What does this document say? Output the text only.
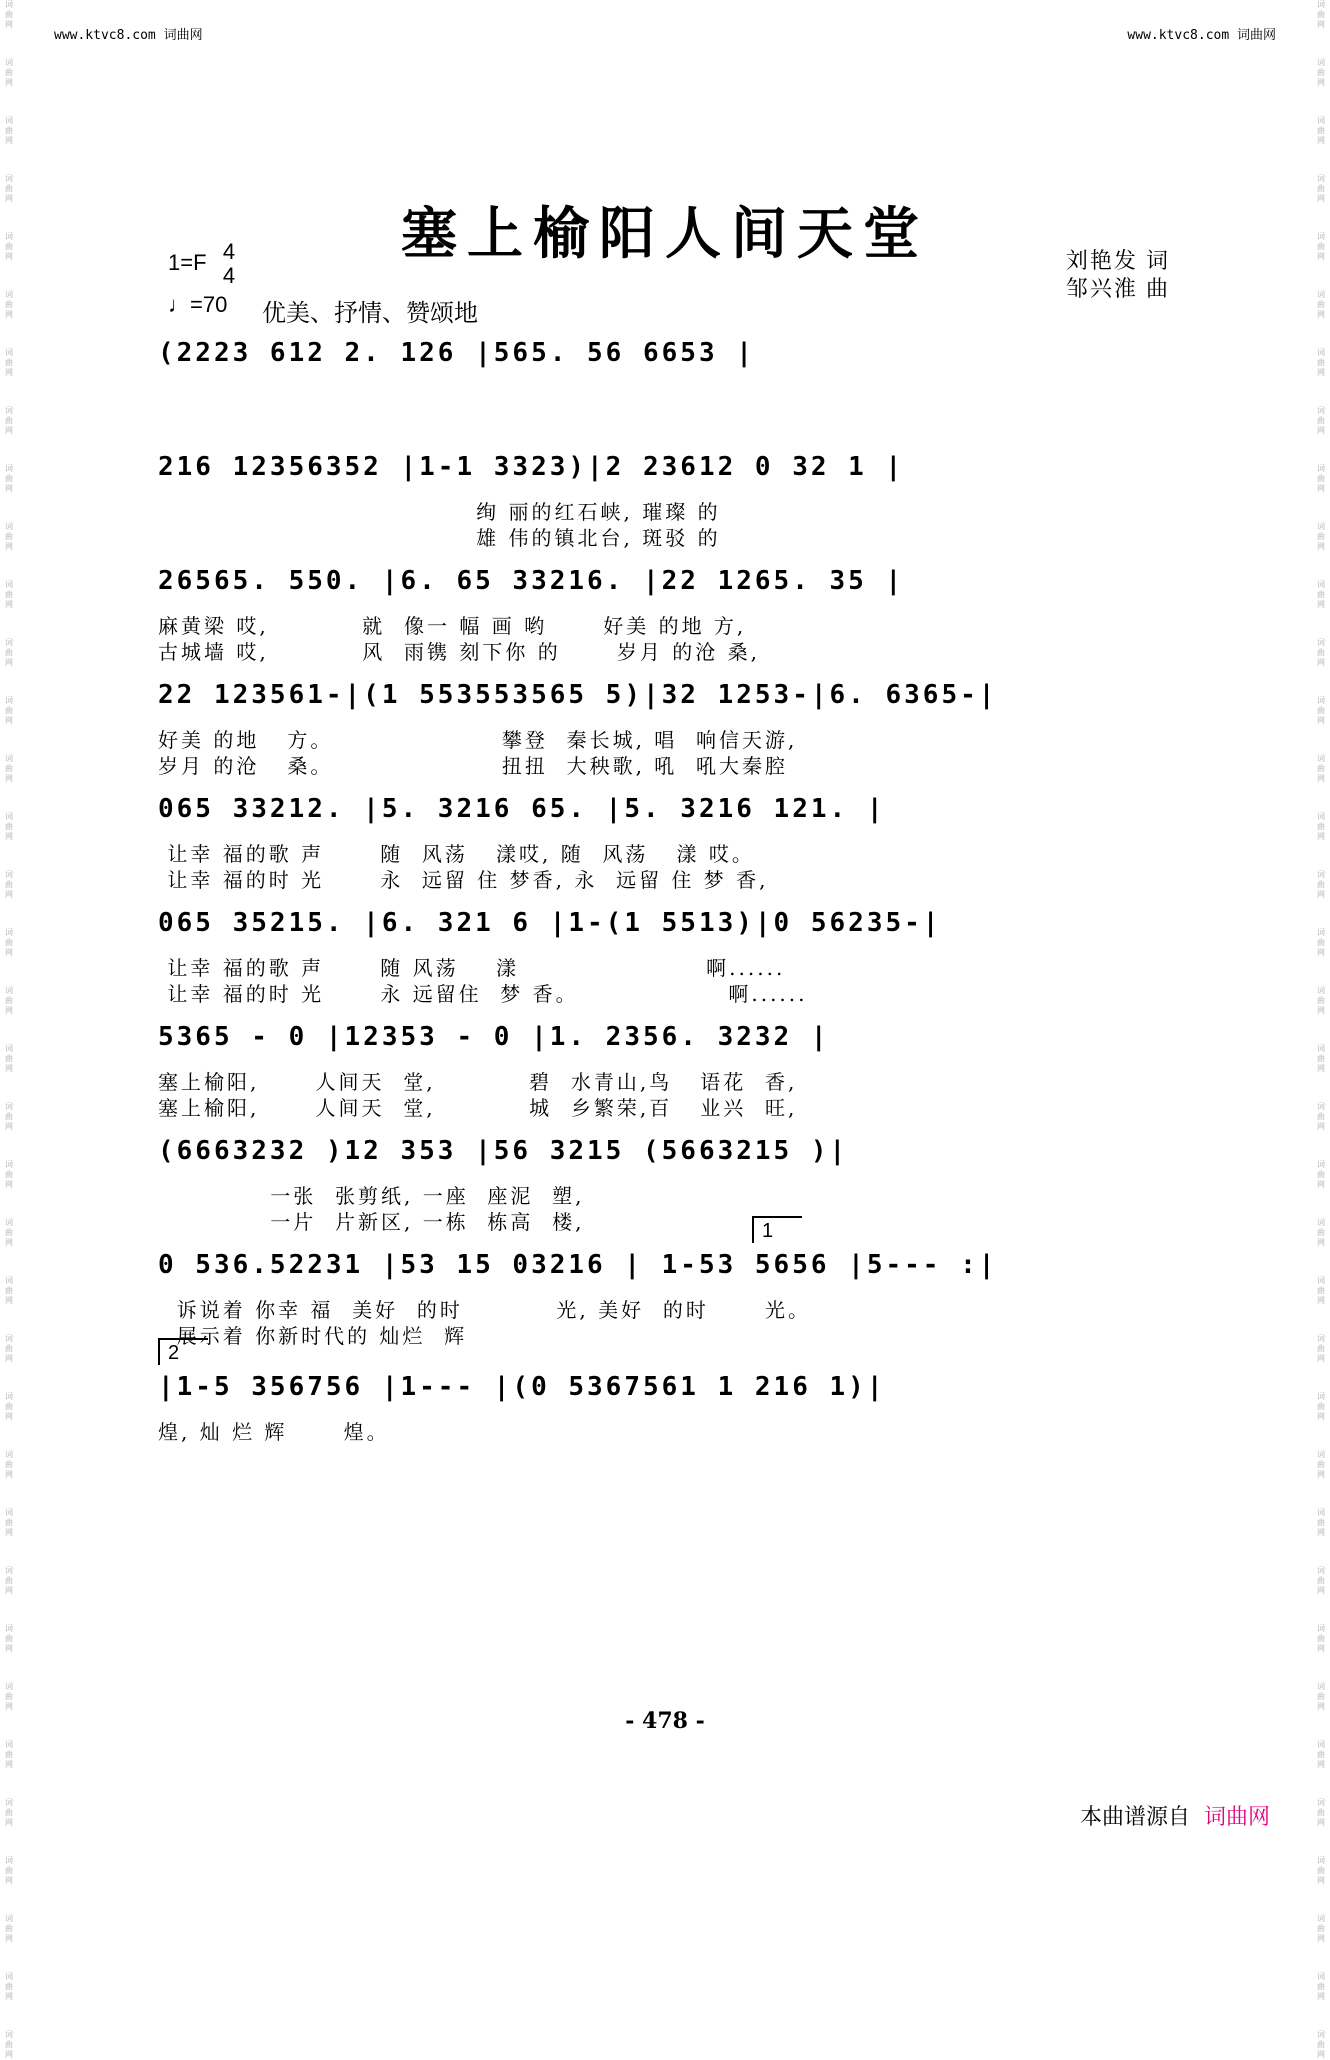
词曲网
词曲网
词曲网
词曲网
词曲网
词曲网
词曲网
词曲网
词曲网
词曲网
词曲网
词曲网
词曲网
词曲网
词曲网
词曲网
词曲网
词曲网
词曲网
词曲网
词曲网
词曲网
词曲网
词曲网
词曲网
词曲网
词曲网
词曲网
词曲网
词曲网
词曲网
词曲网
词曲网
词曲网
词曲网
词曲网
词曲网
词曲网
词曲网
词曲网
词曲网
词曲网
词曲网
词曲网
词曲网
词曲网
词曲网
词曲网
词曲网
词曲网
词曲网
词曲网
词曲网
词曲网
词曲网
词曲网
词曲网
词曲网
词曲网
词曲网
词曲网
词曲网
词曲网
词曲网
词曲网
词曲网
词曲网
词曲网
词曲网
词曲网
词曲网
词曲网
www.ktvc8.com 词曲网	www.ktvc8.com 词曲网
塞上榆阳人间天堂
1=F 4
4
♩=70 优美、抒情、赞颂地
刘艳发 词
邹兴淮 曲
(2223 612 2. 126 |565. 56 6653 |
216 12356352 |1-1 3323)|2 23612 0 32 1 |
绚 丽的红石峡, 璀璨 的
雄 伟的镇北台, 斑驳 的
26565. 550. |6. 65 33216. |22 1265. 35 |
麻黄梁 哎,          就  像一 幅 画 哟      好美 的地 方,
古城墙 哎,          风  雨镌 刻下你 的      岁月 的沧 桑,
22 123561-|(1 553553565 5)|32 1253-|6. 6365-|
好美 的地   方。                  攀登  秦长城, 唱  响信天游,
岁月 的沧   桑。                  扭扭  大秧歌, 吼  吼大秦腔
065 33212. |5. 3216 65. |5. 3216 121. |
让幸 福的歌 声      随  风荡   漾哎, 随  风荡   漾 哎。
让幸 福的时 光      永  远留 住 梦香, 永  远留 住 梦 香,
065 35215. |6. 321 6 |1-(1 5513)|0 56235-|
让幸 福的歌 声      随 风荡    漾                    啊......
让幸 福的时 光      永 远留住  梦 香。                啊......
5365 - 0 |12353 - 0 |1. 2356. 3232 |
塞上榆阳,      人间天  堂,          碧  水青山,鸟   语花  香,
塞上榆阳,      人间天  堂,          城  乡繁荣,百   业兴  旺,
(6663232 )12 353 |56 3215 (5663215 )|
一张  张剪纸, 一座  座泥  塑,
一片  片新区, 一栋  栋高  楼,
0 536.52231 |53 15 03216 | 1-53 5656 |5--- :|
1
诉说着 你幸 福  美好  的时          光, 美好  的时      光。
展示着 你新时代的 灿烂  辉
|1-5 356756 |1--- |(0 5367561 1 216 1)|
2
煌, 灿 烂 辉      煌。
- 478 -
本曲谱源自 词曲网
